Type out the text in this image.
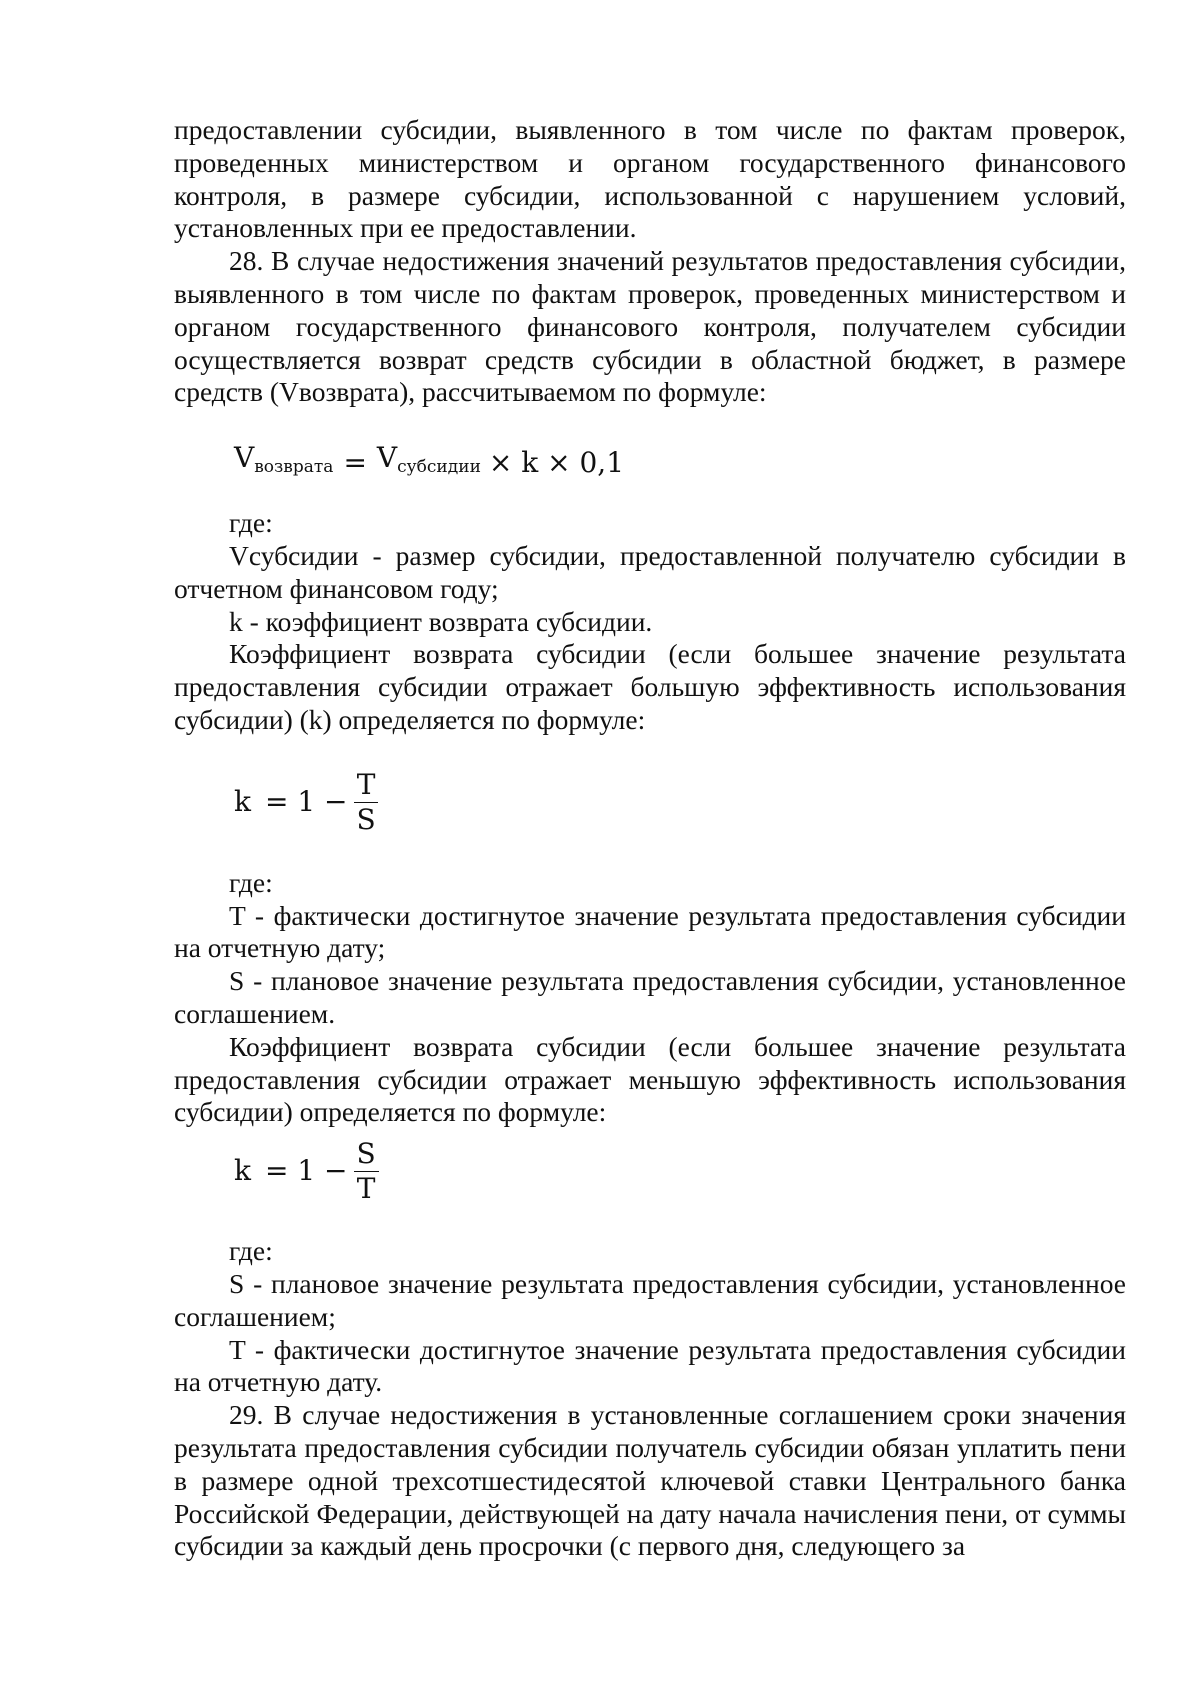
предоставлении субсидии, выявленного в том числе по фактам проверок, проведенных министерством и органом государственного финансового контроля, в размере субсидии, использованной с нарушением условий, установленных при ее предоставлении.

28. В случае недостижения значений результатов предоставления субсидии, выявленного в том числе по фактам проверок, проведенных министерством и органом государственного финансового контроля, получателем субсидии осуществляется возврат средств субсидии в областной бюджет, в размере средств (Vвозврата), рассчитываемом по формуле:

$V_{возврата} = V_{субсидии} \times k \times 0,1$

где:

Vсубсидии - размер субсидии, предоставленной получателю субсидии в отчетном финансовом году;

k - коэффициент возврата субсидии.

Коэффициент возврата субсидии (если большее значение результата предоставления субсидии отражает большую эффективность использования субсидии) (k) определяется по формуле:

$k = 1 - \frac{T}{S}$

где:

T - фактически достигнутое значение результата предоставления субсидии на отчетную дату;

S - плановое значение результата предоставления субсидии, установленное соглашением.

Коэффициент возврата субсидии (если большее значение результата предоставления субсидии отражает меньшую эффективность использования субсидии) определяется по формуле:

$k = 1 - \frac{S}{T}$

где:

S - плановое значение результата предоставления субсидии, установленное соглашением;

T - фактически достигнутое значение результата предоставления субсидии на отчетную дату.

29. В случае недостижения в установленные соглашением сроки значения результата предоставления субсидии получатель субсидии обязан уплатить пени в размере одной трехсотшестидесятой ключевой ставки Центрального банка Российской Федерации, действующей на дату начала начисления пени, от суммы субсидии за каждый день просрочки (с первого дня, следующего за
